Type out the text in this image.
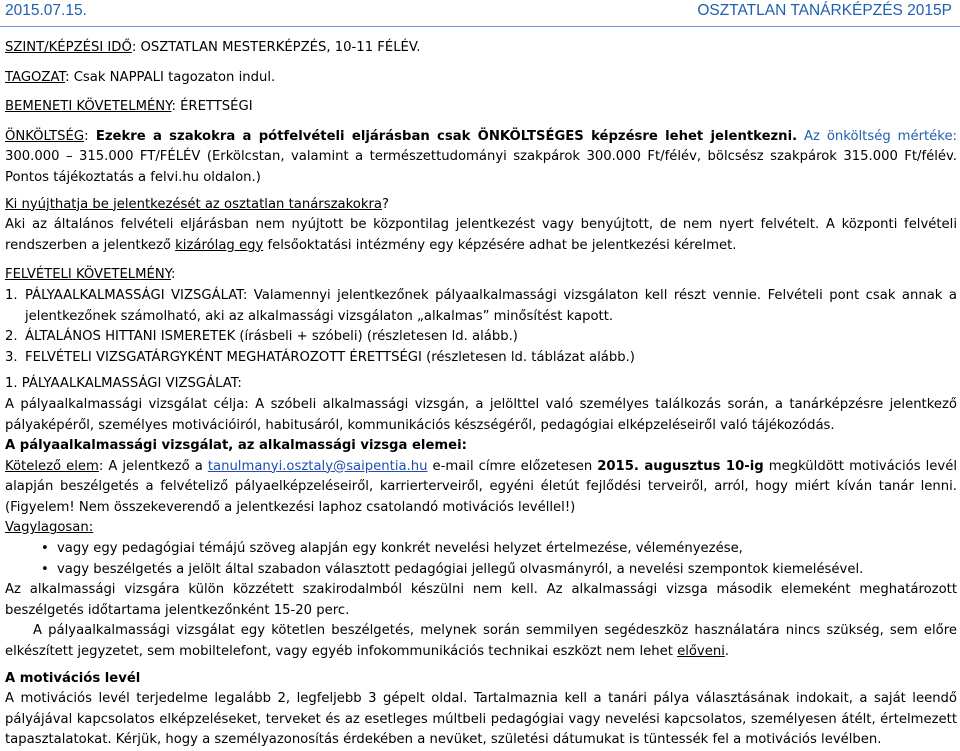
2015.07.15.	OSZTATLAN TANÁRKÉPZÉS 2015P

SZINT/KÉPZÉSI IDŐ: OSZTATLAN MESTERKÉPZÉS, 10-11 FÉLÉV.

TAGOZAT: Csak NAPPALI tagozaton indul.

BEMENETI KÖVETELMÉNY: ÉRETTSÉGI

ÖNKÖLTSÉG: Ezekre a szakokra a pótfelvételi eljárásban csak ÖNKÖLTSÉGES képzésre lehet jelentkezni. Az önköltség mértéke: 300.000 – 315.000 FT/FÉLÉV (Erkölcstan, valamint a természettudományi szakpárok 300.000 Ft/félév, bölcsész szakpárok 315.000 Ft/félév. Pontos tájékoztatás a felvi.hu oldalon.)

Ki nyújthatja be jelentkezését az osztatlan tanárszakokra?

Aki az általános felvételi eljárásban nem nyújtott be központilag jelentkezést vagy benyújtott, de nem nyert felvételt. A központi felvételi rendszerben a jelentkező kizárólag egy felsőoktatási intézmény egy képzésére adhat be jelentkezési kérelmet.

FELVÉTELI KÖVETELMÉNY:

1. PÁLYAALKALMASSÁGI VIZSGÁLAT: Valamennyi jelentkezőnek pályaalkalmassági vizsgálaton kell részt vennie. Felvételi pont csak annak a jelentkezőnek számolható, aki az alkalmassági vizsgálaton „alkalmas” minősítést kapott.
2. ÁLTALÁNOS HITTANI ISMERETEK (írásbeli + szóbeli) (részletesen ld. alább.)
3. FELVÉTELI VIZSGATÁRGYKÉNT MEGHATÁROZOTT ÉRETTSÉGI (részletesen ld. táblázat alább.)

1. PÁLYAALKALMASSÁGI VIZSGÁLAT:

A pályaalkalmassági vizsgálat célja: A szóbeli alkalmassági vizsgán, a jelölttel való személyes találkozás során, a tanárképzésre jelentkező pályaképéről, személyes motivációiról, habitusáról, kommunikációs készségéről, pedagógiai elképzeléseiről való tájékozódás.

A pályaalkalmassági vizsgálat, az alkalmassági vizsga elemei:

Kötelező elem: A jelentkező a tanulmanyi.osztaly@saipentia.hu e-mail címre előzetesen 2015. augusztus 10-ig megküldött motivációs levél alapján beszélgetés a felvételiző pályaelképzeléseiről, karrierterveiről, egyéni életút fejlődési terveiről, arról, hogy miért kíván tanár lenni. (Figyelem! Nem összekeverendő a jelentkezési laphoz csatolandó motivációs levéllel!)

Vagylagosan:

• vagy egy pedagógiai témájú szöveg alapján egy konkrét nevelési helyzet értelmezése, véleményezése,
• vagy beszélgetés a jelölt által szabadon választott pedagógiai jellegű olvasmányról, a nevelési szempontok kiemelésével.

Az alkalmassági vizsgára külön közzétett szakirodalmból készülni nem kell. Az alkalmassági vizsga második elemeként meghatározott beszélgetés időtartama jelentkezőnként 15-20 perc.

A pályaalkalmassági vizsgálat egy kötetlen beszélgetés, melynek során semmilyen segédeszköz használatára nincs szükség, sem előre elkészített jegyzetet, sem mobiltelefont, vagy egyéb infokommunikációs technikai eszközt nem lehet előveni.

A motivációs levél

A motivációs levél terjedelme legalább 2, legfeljebb 3 gépelt oldal. Tartalmaznia kell a tanári pálya választásának indokait, a saját leendő pályájával kapcsolatos elképzeléseket, terveket és az esetleges múltbeli pedagógiai vagy nevelési kapcsolatos, személyesen átélt, értelmezett tapasztalatokat. Kérjük, hogy a személyazonosítás érdekében a nevüket, születési dátumukat is tüntessék fel a motivációs levélben.
